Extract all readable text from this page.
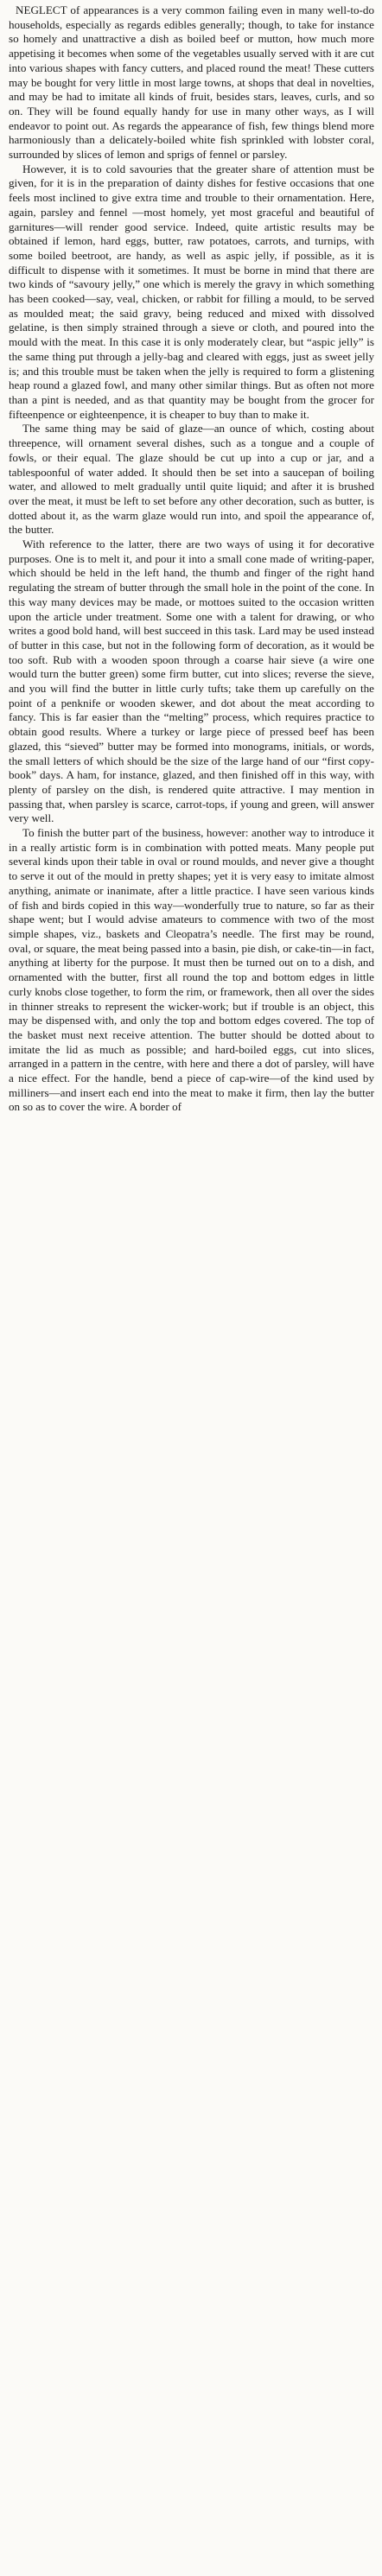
NEGLECT of appearances is a very common failing even in many well-to-do households, especially as regards edibles generally; though, to take for instance so homely and unattractive a dish as boiled beef or mutton, how much more appetising it becomes when some of the vegetables usually served with it are cut into various shapes with fancy cutters, and placed round the meat! These cutters may be bought for very little in most large towns, at shops that deal in novelties, and may be had to imitate all kinds of fruit, besides stars, leaves, curls, and so on. They will be found equally handy for use in many other ways, as I will endeavor to point out. As regards the appearance of fish, few things blend more harmoniously than a delicately-boiled white fish sprinkled with lobster coral, surrounded by slices of lemon and sprigs of fennel or parsley.

However, it is to cold savouries that the greater share of attention must be given, for it is in the preparation of dainty dishes for festive occasions that one feels most inclined to give extra time and trouble to their ornamentation. Here, again, parsley and fennel —most homely, yet most graceful and beautiful of garnitures—will render good service. Indeed, quite artistic results may be obtained if lemon, hard eggs, butter, raw potatoes, carrots, and turnips, with some boiled beetroot, are handy, as well as aspic jelly, if possible, as it is difficult to dispense with it sometimes. It must be borne in mind that there are two kinds of “savoury jelly,” one which is merely the gravy in which something has been cooked—say, veal, chicken, or rabbit for filling a mould, to be served as moulded meat; the said gravy, being reduced and mixed with dissolved gelatine, is then simply strained through a sieve or cloth, and poured into the mould with the meat. In this case it is only moderately clear, but “aspic jelly” is the same thing put through a jelly-bag and cleared with eggs, just as sweet jelly is; and this trouble must be taken when the jelly is required to form a glistening heap round a glazed fowl, and many other similar things. But as often not more than a pint is needed, and as that quantity may be bought from the grocer for fifteenpence or eighteenpence, it is cheaper to buy than to make it.

The same thing may be said of glaze—an ounce of which, costing about threepence, will ornament several dishes, such as a tongue and a couple of fowls, or their equal. The glaze should be cut up into a cup or jar, and a tablespoonful of water added. It should then be set into a saucepan of boiling water, and allowed to melt gradually until quite liquid; and after it is brushed over the meat, it must be left to set before any other decoration, such as butter, is dotted about it, as the warm glaze would run into, and spoil the appearance of, the butter.

With reference to the latter, there are two ways of using it for decorative purposes. One is to melt it, and pour it into a small cone made of writing-paper, which should be held in the left hand, the thumb and finger of the right hand regulating the stream of butter through the small hole in the point of the cone. In this way many devices may be made, or mottoes suited to the occasion written upon the article under treatment. Some one with a talent for drawing, or who writes a good bold hand, will best succeed in this task. Lard may be used instead of butter in this case, but not in the following form of decoration, as it would be too soft. Rub with a wooden spoon through a coarse hair sieve (a wire one would turn the butter green) some firm butter, cut into slices; reverse the sieve, and you will find the butter in little curly tufts; take them up carefully on the point of a penknife or wooden skewer, and dot about the meat according to fancy. This is far easier than the “melting” process, which requires practice to obtain good results. Where a turkey or large piece of pressed beef has been glazed, this “sieved” butter may be formed into monograms, initials, or words, the small letters of which should be the size of the large hand of our “first copy-book” days. A ham, for instance, glazed, and then finished off in this way, with plenty of parsley on the dish, is rendered quite attractive. I may mention in passing that, when parsley is scarce, carrot-tops, if young and green, will answer very well.

To finish the butter part of the business, however: another way to introduce it in a really artistic form is in combination with potted meats. Many people put several kinds upon their table in oval or round moulds, and never give a thought to serve it out of the mould in pretty shapes; yet it is very easy to imitate almost anything, animate or inanimate, after a little practice. I have seen various kinds of fish and birds copied in this way—wonderfully true to nature, so far as their shape went; but I would advise amateurs to commence with two of the most simple shapes, viz., baskets and Cleopatra’s needle. The first may be round, oval, or square, the meat being passed into a basin, pie dish, or cake-tin—in fact, anything at liberty for the purpose. It must then be turned out on to a dish, and ornamented with the butter, first all round the top and bottom edges in little curly knobs close together, to form the rim, or framework, then all over the sides in thinner streaks to represent the wicker-work; but if trouble is an object, this may be dispensed with, and only the top and bottom edges covered. The top of the basket must next receive attention. The butter should be dotted about to imitate the lid as much as possible; and hard-boiled eggs, cut into slices, arranged in a pattern in the centre, with here and there a dot of parsley, will have a nice effect. For the handle, bend a piece of cap-wire—of the kind used by milliners—and insert each end into the meat to make it firm, then lay the butter on so as to cover the wire. A border of
